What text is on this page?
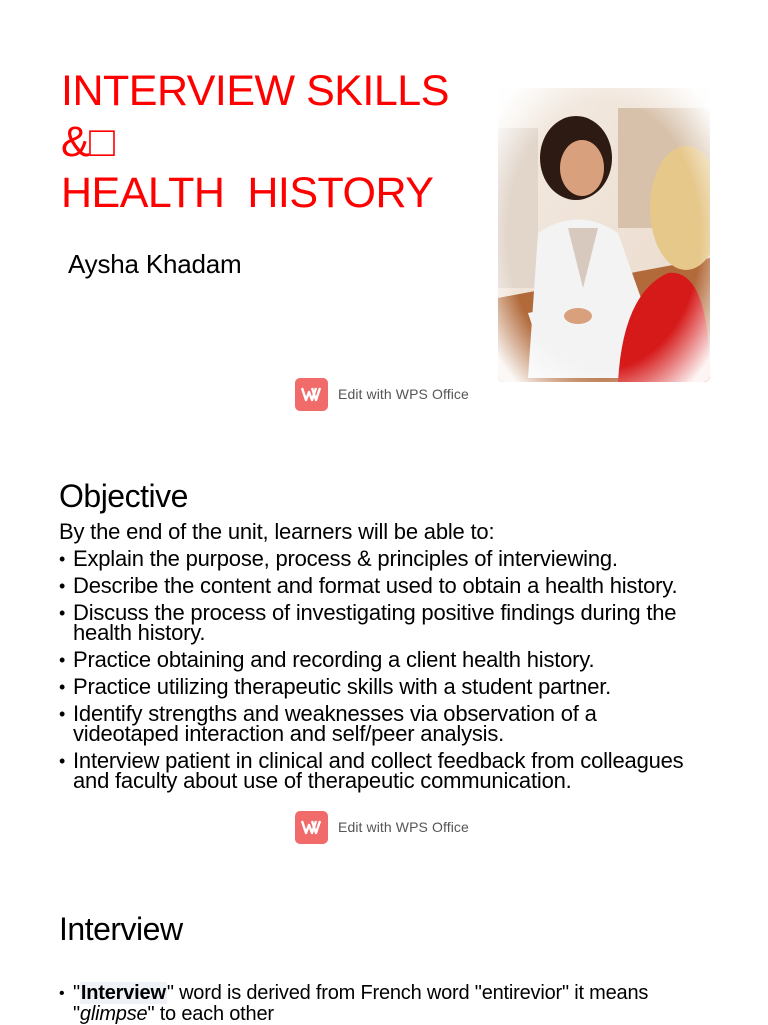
INTERVIEW SKILLS
&□
HEALTH  HISTORY
Aysha Khadam
Edit with WPS Office
Objective
By the end of the unit, learners will be able to:
• Explain the purpose, process & principles of interviewing.
• Describe the content and format used to obtain a health history.
• Discuss the process of investigating positive findings during the health history.
• Practice obtaining and recording a client health history.
• Practice utilizing therapeutic skills with a student partner.
• Identify strengths and weaknesses via observation of a videotaped interaction and self/peer analysis.
• Interview patient in clinical and collect feedback from colleagues and faculty about use of therapeutic communication.
Edit with WPS Office
Interview
• "Interview" word is derived from French word "entirevior" it means "glimpse" to each other
